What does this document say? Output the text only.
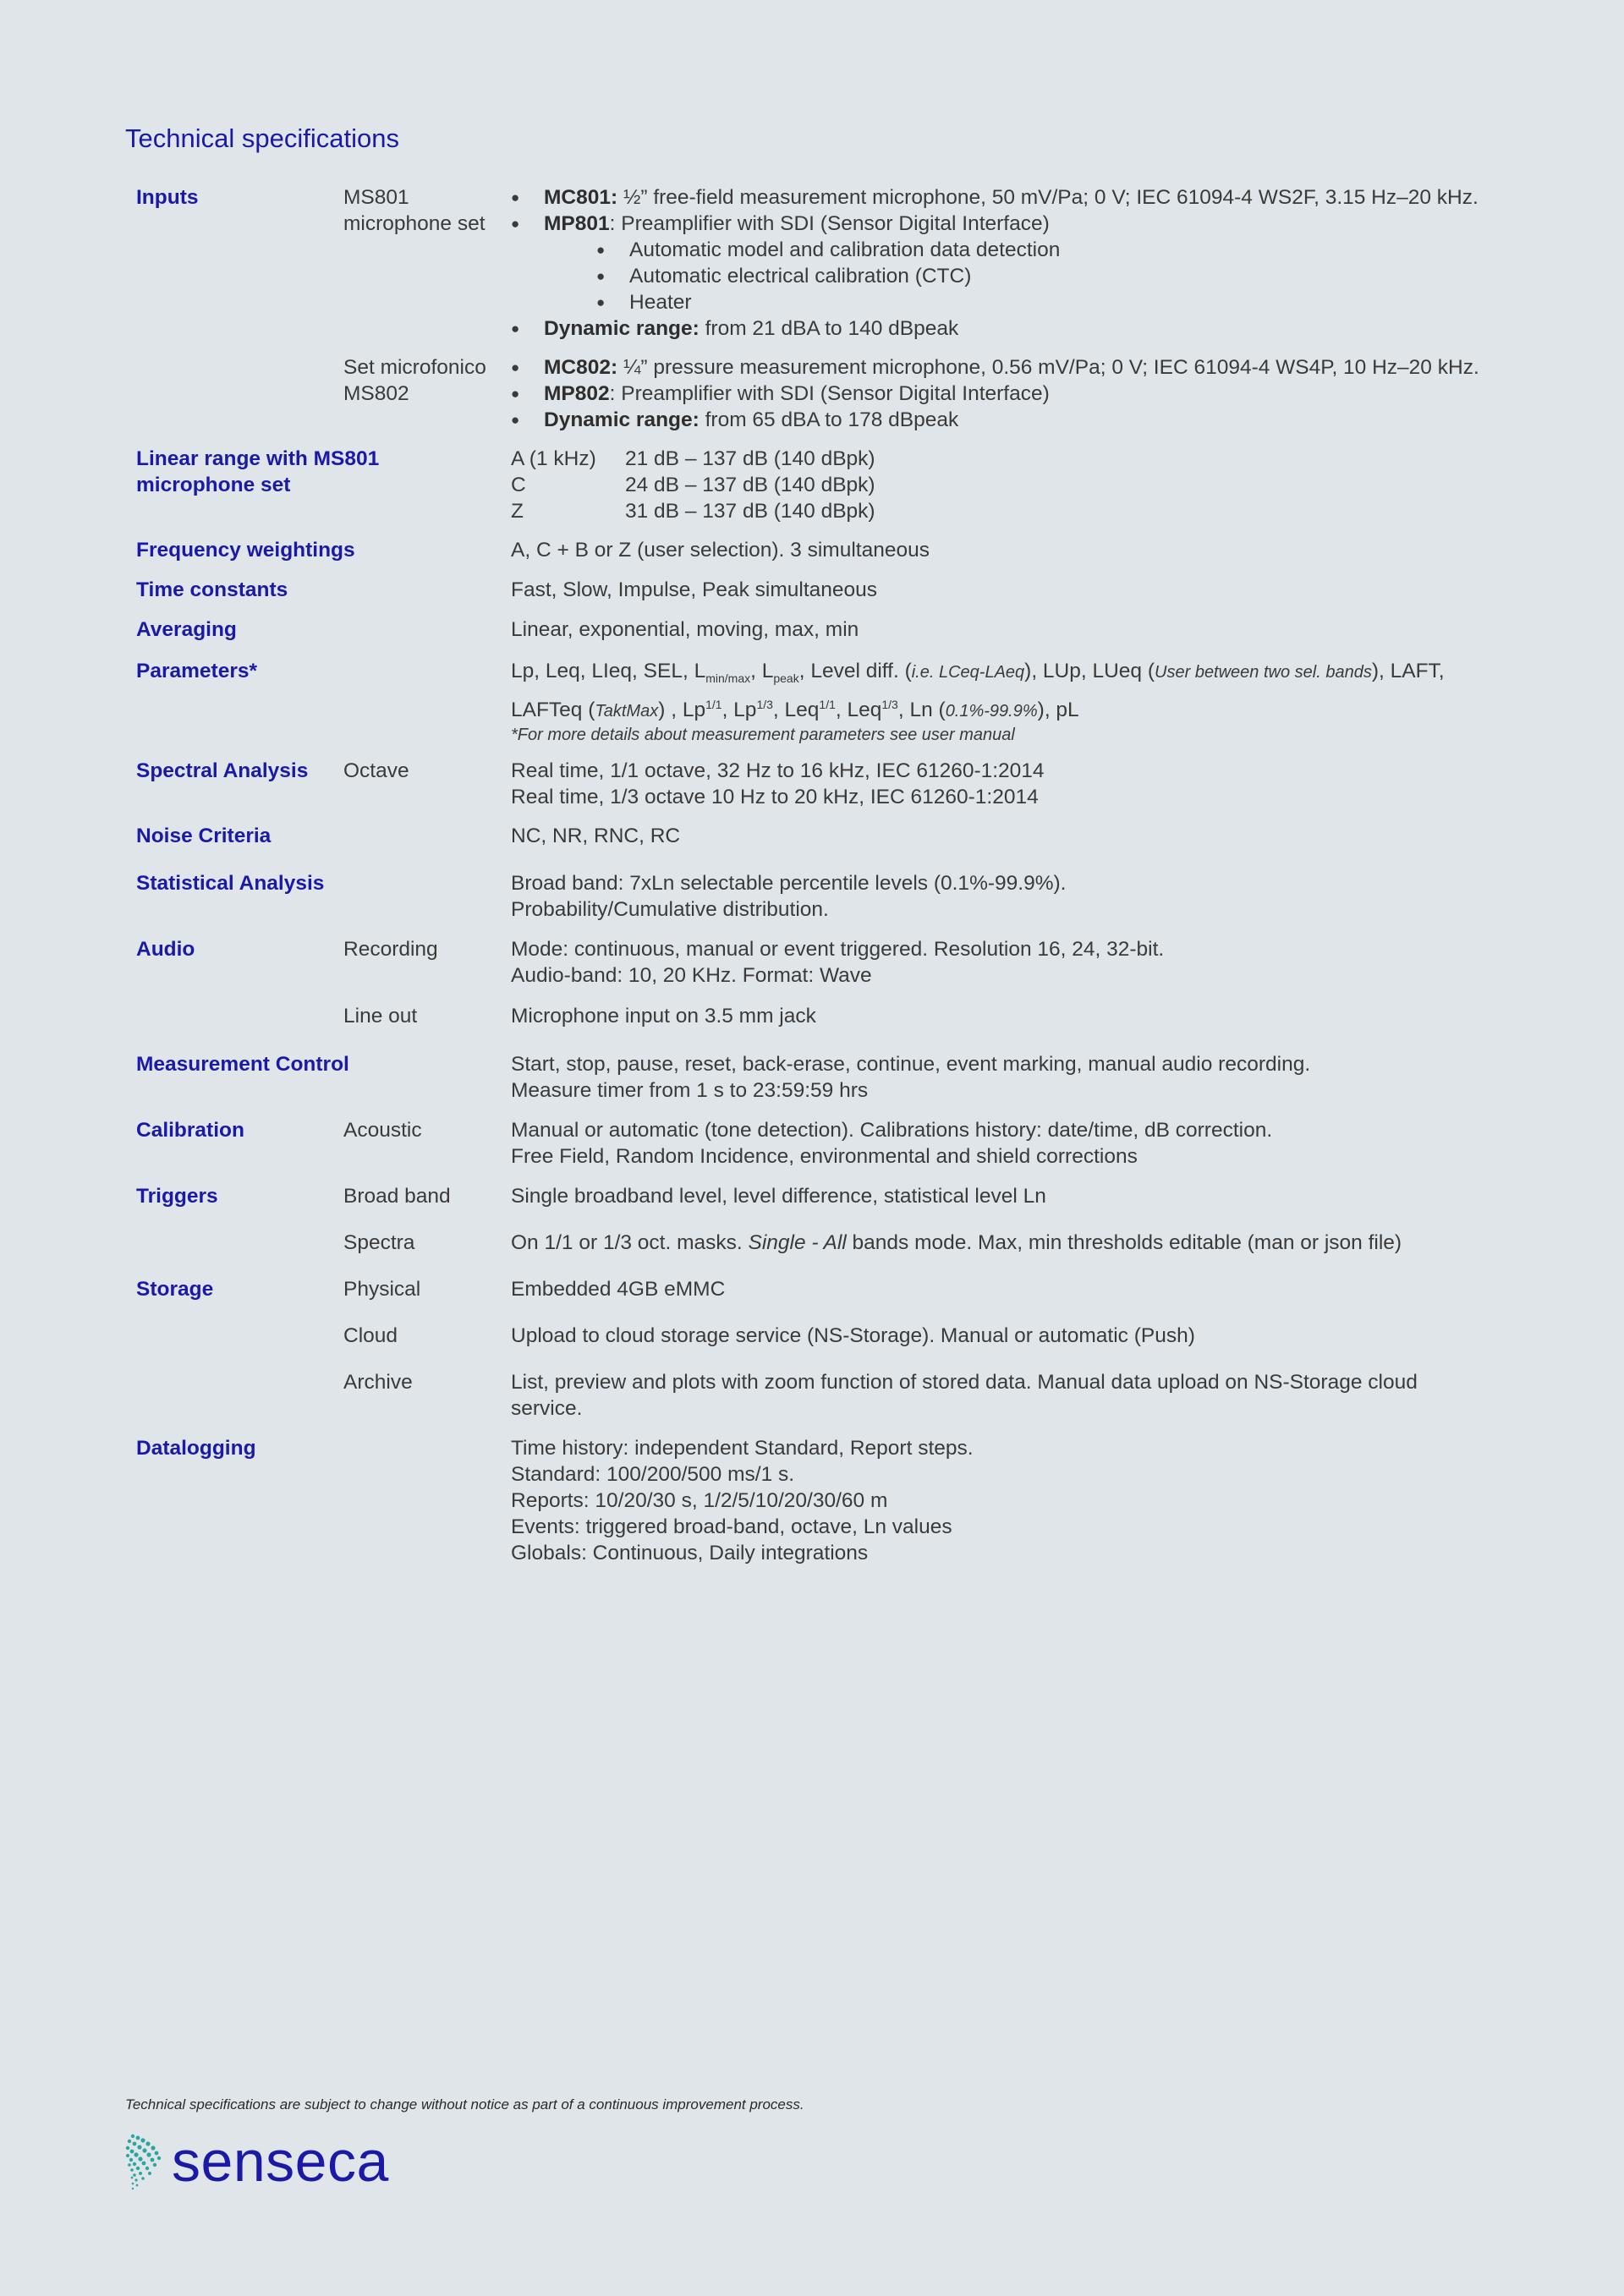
Technical specifications
Inputs	MS801 microphone set
● MC801: ½” free-field measurement microphone, 50 mV/Pa; 0 V; IEC 61094-4 WS2F, 3.15 Hz–20 kHz.
● MP801: Preamplifier with SDI (Sensor Digital Interface)
● Automatic model and calibration data detection
● Automatic electrical calibration (CTC)
● Heater
● Dynamic range: from 21 dBA to 140 dBpeak
Set microfonico MS802
● MC802: ¼” pressure measurement microphone, 0.56 mV/Pa; 0 V; IEC 61094-4 WS4P, 10 Hz–20 kHz.
● MP802: Preamplifier with SDI (Sensor Digital Interface)
● Dynamic range: from 65 dBA to 178 dBpeak
Linear range with MS801 microphone set
A (1 kHz)	21 dB – 137 dB (140 dBpk)
C	24 dB – 137 dB (140 dBpk)
Z	31 dB – 137 dB (140 dBpk)
Frequency weightings	A, C + B or Z (user selection). 3 simultaneous
Time constants	Fast, Slow, Impulse, Peak simultaneous
Averaging	Linear, exponential, moving, max, min
Parameters*	Lp, Leq, LIeq, SEL, $L_{min/max}$, $L_{peak}$, Level diff. (i.e. LCeq-LAeq), LUp, LUeq (User between two sel. bands), LAFT,
LAFTeq (TaktMax) , $Lp^{1/1}$, $Lp^{1/3}$, Leq$^{1/1}$, Leq$^{1/3}$, Ln (0.1%-99.9%), pL
*For more details about measurement parameters see user manual
Spectral Analysis	Octave	Real time, 1/1 octave, 32 Hz to 16 kHz, IEC 61260-1:2014
Real time, 1/3 octave 10 Hz to 20 kHz, IEC 61260-1:2014
Noise Criteria	NC, NR, RNC, RC
Statistical Analysis	Broad band: 7xLn selectable percentile levels (0.1%-99.9%).
Probability/Cumulative distribution.
Audio	Recording	Mode: continuous, manual or event triggered. Resolution 16, 24, 32-bit.
Audio-band: 10, 20 KHz. Format: Wave
Line out	Microphone input on 3.5 mm jack
Measurement Control	Start, stop, pause, reset, back-erase, continue, event marking, manual audio recording.
Measure timer from 1 s to 23:59:59 hrs
Calibration	Acoustic	Manual or automatic (tone detection). Calibrations history: date/time, dB correction.
Free Field, Random Incidence, environmental and shield corrections
Triggers	Broad band	Single broadband level, level difference, statistical level Ln
Spectra	On 1/1 or 1/3 oct. masks. Single - All bands mode. Max, min thresholds editable (man or json file)
Storage	Physical	Embedded 4GB eMMC
Cloud	Upload to cloud storage service (NS-Storage). Manual or automatic (Push)
Archive	List, preview and plots with zoom function of stored data. Manual data upload on NS-Storage cloud service.
Datalogging	Time history: independent Standard, Report steps.
Standard: 100/200/500 ms/1 s.
Reports: 10/20/30 s, 1/2/5/10/20/30/60 m
Events: triggered broad-band, octave, Ln values
Globals: Continuous, Daily integrations
Technical specifications are subject to change without notice as part of a continuous improvement process.
senseca
